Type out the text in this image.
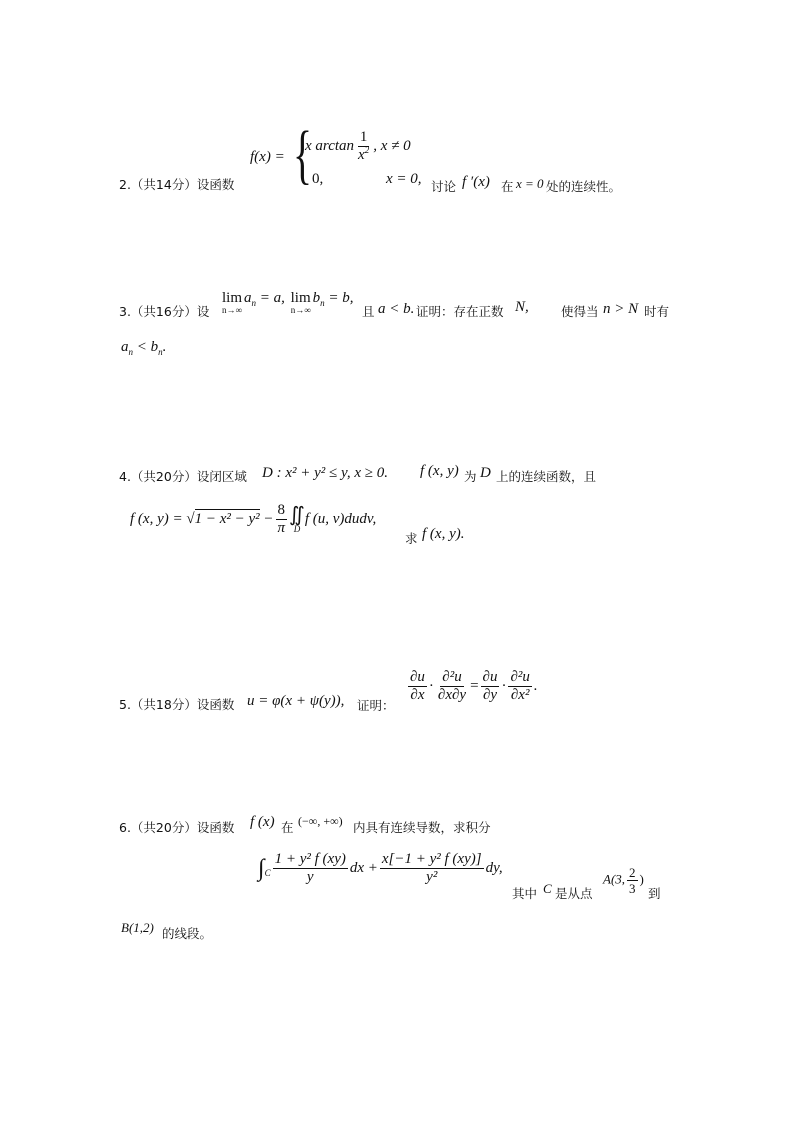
2.（共14分）设函数
f(x) = {
x $\arctan \frac{1}{x^2}$ , x ≠ 0
0,	x = 0, 讨论 f ′(x) 在 x = 0 处的连续性。
3.（共16分）设
lim
n→∞
$a_n = a$, lim
n→∞
$b_n = b$,
且 a < b. 证明：存在正数 N,	使得当 n > N 时有
$a_n < b_n$.
4.（共20分）设闭区域 D : x² + y² ≤ y, x ≥ 0. f (x, y) 为 D 上的连续函数，且
f (x, $y) = √1 - x^2 - y^2 - \frac{8}{\pi}$ ∬
D
f (u, v)dudv,
求 f (x, y).
5.（共18分）设函数 u = φ(x + ψ(y)), 证明：
$\frac{\partial u}{\partial x} \cdot \frac{\text{∂²u}}{\partial x\partial y} = \frac{\partial u}{\partial y} \cdot \frac{\text{∂²u}}{\text{∂x²}}$ .
6.（共20分）设函数 f (x) 在 (−∞, +∞) 内具有连续导数，求积分
$\int_C \frac{\text{1 + y² f (xy)}}{y}$ dx + $\frac{\text{x[−1 + y² f (xy)]}}{\text{y²}}$ dy,
其中 C 是从点
A(3, $\frac{2}{3}$ )
到
B(1,2) 的线段。
